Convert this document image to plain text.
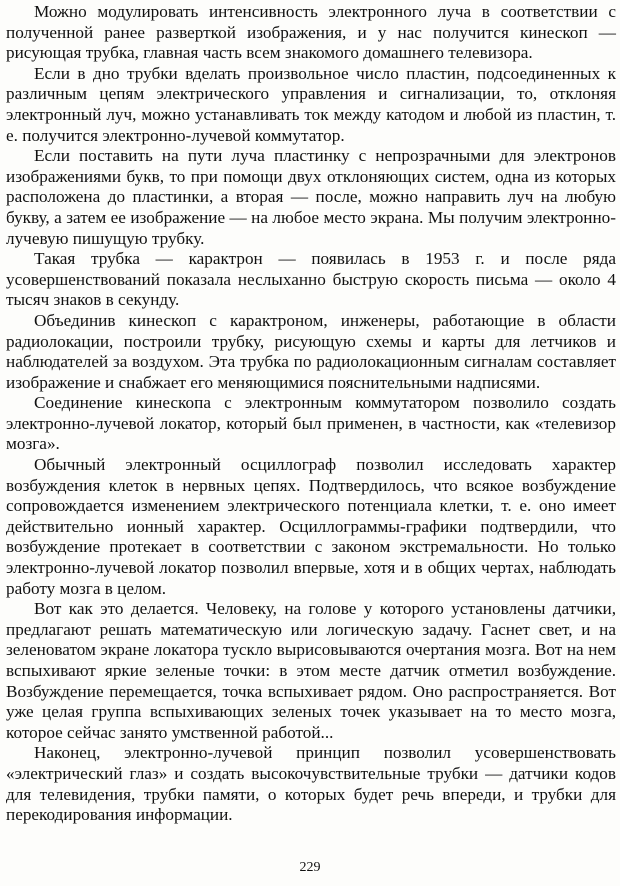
Можно модулировать интенсивность электронного луча в соответствии с полученной ранее разверткой изображения, и у нас получится кинескоп — рисующая трубка, главная часть всем знакомого домашнего телевизора.

Если в дно трубки вделать произвольное число пластин, подсоединенных к различным цепям электрического управления и сигнализации, то, отклоняя электронный луч, можно устанавливать ток между катодом и любой из пластин, т. е. получится электронно-лучевой коммутатор.

Если поставить на пути луча пластинку с непрозрачными для электронов изображениями букв, то при помощи двух отклоняющих систем, одна из которых расположена до пластинки, а вторая — после, можно направить луч на любую букву, а затем ее изображение — на любое место экрана. Мы получим электронно-лучевую пишущую трубку.

Такая трубка — карактрон — появилась в 1953 г. и после ряда усовершенствований показала неслыханно быструю скорость письма — около 4 тысяч знаков в секунду.

Объединив кинескоп с карактроном, инженеры, работающие в области радиолокации, построили трубку, рисующую схемы и карты для летчиков и наблюдателей за воздухом. Эта трубка по радиолокационным сигналам составляет изображение и снабжает его меняющимися пояснительными надписями.

Соединение кинескопа с электронным коммутатором позволило создать электронно-лучевой локатор, который был применен, в частности, как «телевизор мозга».

Обычный электронный осциллограф позволил исследовать характер возбуждения клеток в нервных цепях. Подтвердилось, что всякое возбуждение сопровождается изменением электрического потенциала клетки, т. е. оно имеет действительно ионный характер. Осциллограммы-графики подтвердили, что возбуждение протекает в соответствии с законом экстремальности. Но только электронно-лучевой локатор позволил впервые, хотя и в общих чертах, наблюдать работу мозга в целом.

Вот как это делается. Человеку, на голове у которого установлены датчики, предлагают решать математическую или логическую задачу. Гаснет свет, и на зеленоватом экране локатора тускло вырисовываются очертания мозга. Вот на нем вспыхивают яркие зеленые точки: в этом месте датчик отметил возбуждение. Возбуждение перемещается, точка вспыхивает рядом. Оно распространяется. Вот уже целая группа вспыхивающих зеленых точек указывает на то место мозга, которое сейчас занято умственной работой...

Наконец, электронно-лучевой принцип позволил усовершенствовать «электрический глаз» и создать высокочувствительные трубки — датчики кодов для телевидения, трубки памяти, о которых будет речь впереди, и трубки для перекодирования информации.

229
